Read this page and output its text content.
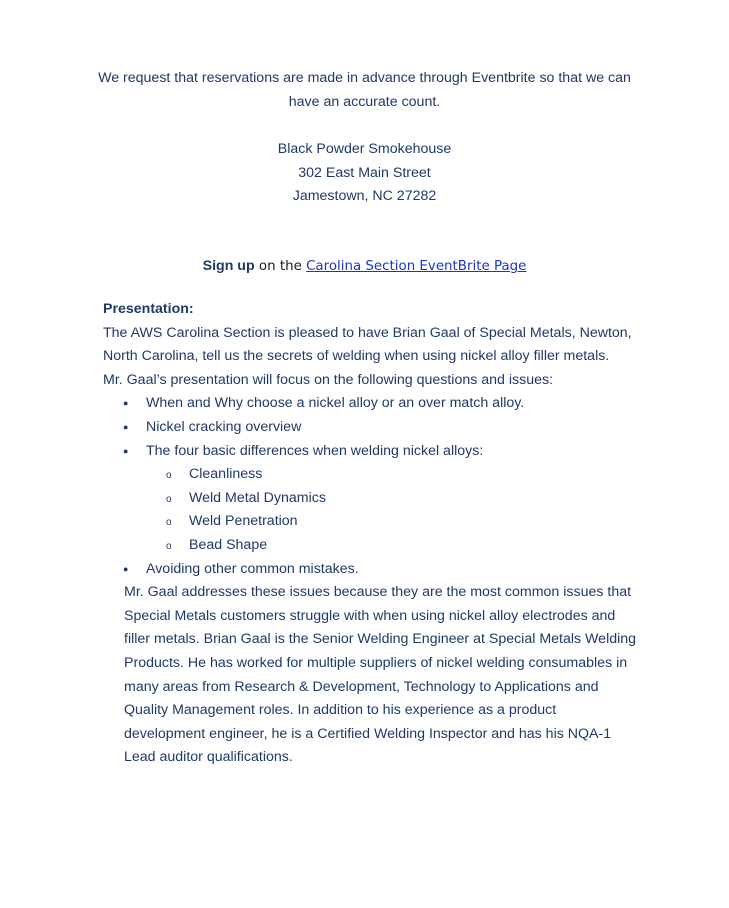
We request that reservations are made in advance through Eventbrite so that we can

have an accurate count.

Black Powder Smokehouse
302 East Main Street
Jamestown, NC 27282
Sign up on the Carolina Section EventBrite Page

Presentation:

The AWS Carolina Section is pleased to have Brian Gaal of Special Metals, Newton,

North Carolina, tell us the secrets of welding when using nickel alloy filler metals.

Mr. Gaal’s presentation will focus on the following questions and issues:

● When and Why choose a nickel alloy or an over match alloy.
● Nickel cracking overview
● The four basic differences when welding nickel alloys:
o Cleanliness
o Weld Metal Dynamics
o Weld Penetration
o Bead Shape
● Avoiding other common mistakes.
Mr. Gaal addresses these issues because they are the most common issues that
Special Metals customers struggle with when using nickel alloy electrodes and
filler metals. Brian Gaal is the Senior Welding Engineer at Special Metals Welding
Products. He has worked for multiple suppliers of nickel welding consumables in
many areas from Research & Development, Technology to Applications and
Quality Management roles. In addition to his experience as a product
development engineer, he is a Certified Welding Inspector and has his NQA-1
Lead auditor qualifications.
